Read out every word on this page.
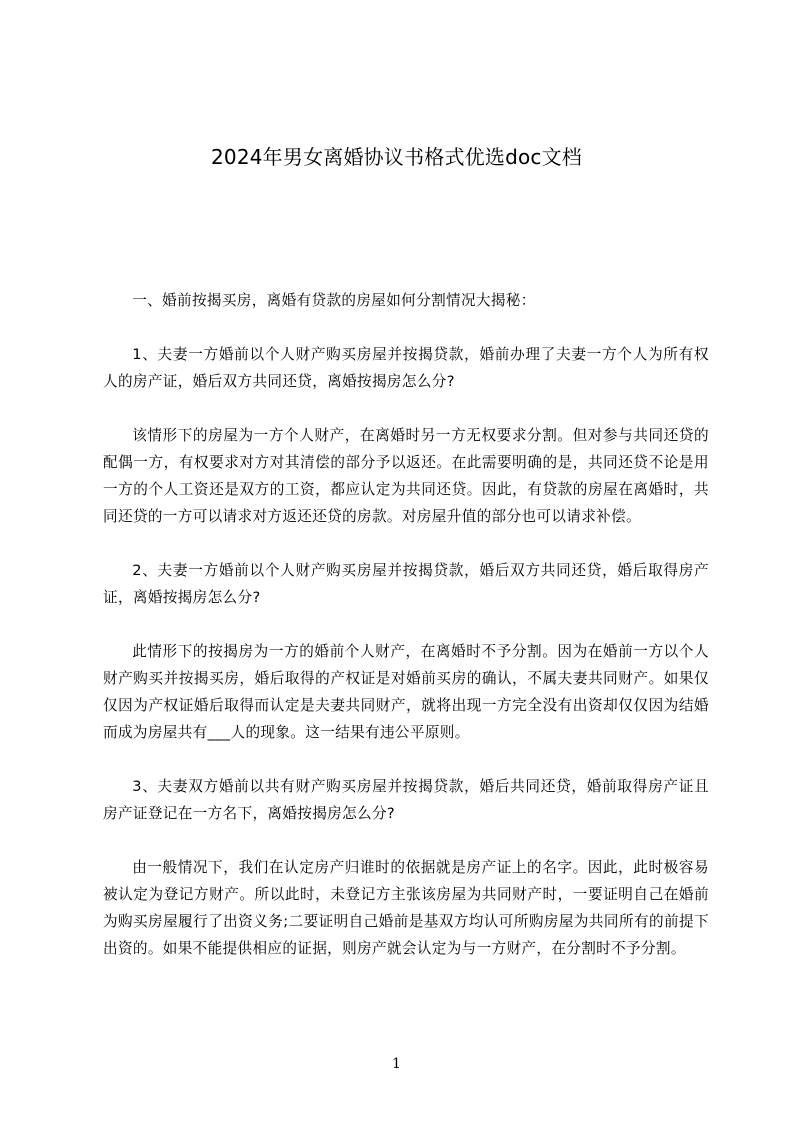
2024年男女离婚协议书格式优选doc文档

一、婚前按揭买房，离婚有贷款的房屋如何分割情况大揭秘：

1、夫妻一方婚前以个人财产购买房屋并按揭贷款，婚前办理了夫妻一方个人为所有权人的房产证，婚后双方共同还贷，离婚按揭房怎么分?

该情形下的房屋为一方个人财产，在离婚时另一方无权要求分割。但对参与共同还贷的配偶一方，有权要求对方对其清偿的部分予以返还。在此需要明确的是，共同还贷不论是用一方的个人工资还是双方的工资，都应认定为共同还贷。因此，有贷款的房屋在离婚时，共同还贷的一方可以请求对方返还还贷的房款。对房屋升值的部分也可以请求补偿。

2、夫妻一方婚前以个人财产购买房屋并按揭贷款，婚后双方共同还贷，婚后取得房产证，离婚按揭房怎么分?

此情形下的按揭房为一方的婚前个人财产，在离婚时不予分割。因为在婚前一方以个人财产购买并按揭买房，婚后取得的产权证是对婚前买房的确认，不属夫妻共同财产。如果仅仅因为产权证婚后取得而认定是夫妻共同财产，就将出现一方完全没有出资却仅仅因为结婚而成为房屋共有___人的现象。这一结果有违公平原则。

3、夫妻双方婚前以共有财产购买房屋并按揭贷款，婚后共同还贷，婚前取得房产证且房产证登记在一方名下，离婚按揭房怎么分?

由一般情况下，我们在认定房产归谁时的依据就是房产证上的名字。因此，此时极容易被认定为登记方财产。所以此时，未登记方主张该房屋为共同财产时，一要证明自己在婚前为购买房屋履行了出资义务;二要证明自己婚前是基双方均认可所购房屋为共同所有的前提下出资的。如果不能提供相应的证据，则房产就会认定为与一方财产，在分割时不予分割。

1
